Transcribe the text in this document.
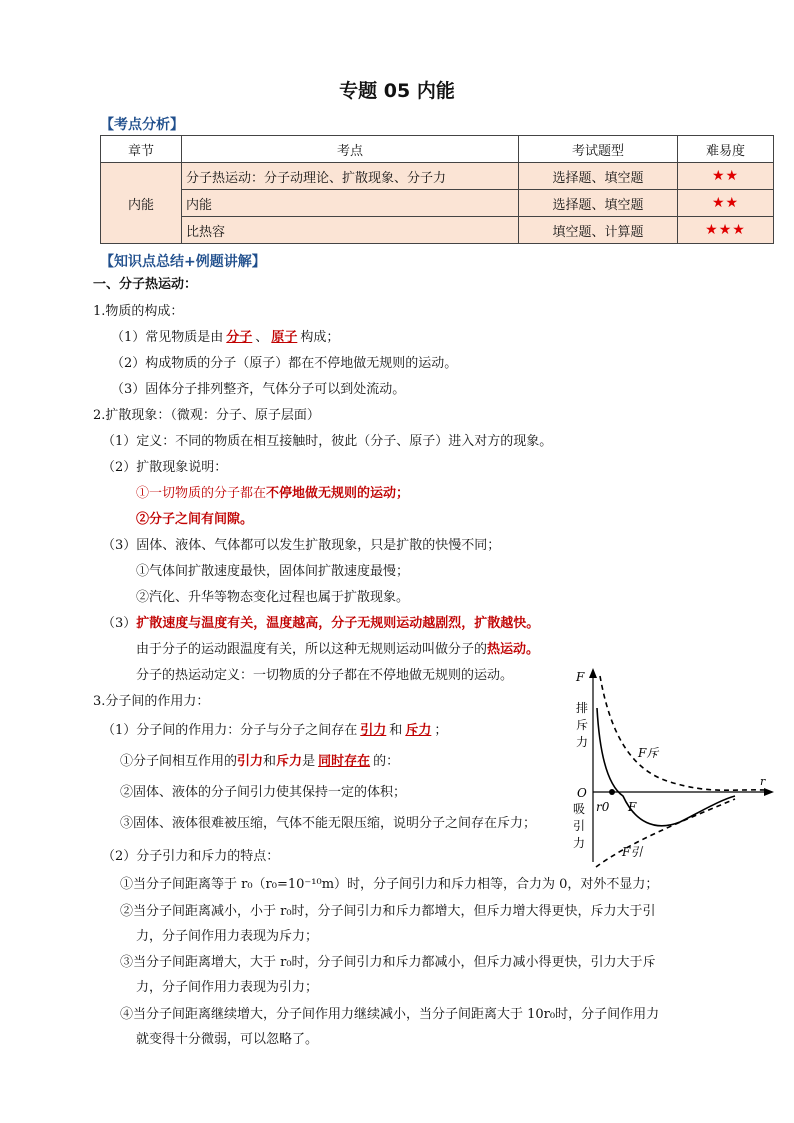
专题 05 内能
【考点分析】
章节	考点	考试题型	难易度
内能	分子热运动：分子动理论、扩散现象、分子力	选择题、填空题	★★
	内能	选择题、填空题	★★
	比热容	填空题、计算题	★★★
【知识点总结+例题讲解】
一、分子热运动：
1.物质的构成：
（1）常见物质是由 分子 、 原子 构成；
（2）构成物质的分子（原子）都在不停地做无规则的运动。
（3）固体分子排列整齐，气体分子可以到处流动。
2.扩散现象：（微观：分子、原子层面）
（1）定义：不同的物质在相互接触时，彼此（分子、原子）进入对方的现象。
（2）扩散现象说明：
①一切物质的分子都在不停地做无规则的运动；
②分子之间有间隙。
（3）固体、液体、气体都可以发生扩散现象，只是扩散的快慢不同；
①气体间扩散速度最快，固体间扩散速度最慢；
②汽化、升华等物态变化过程也属于扩散现象。
（3）扩散速度与温度有关，温度越高，分子无规则运动越剧烈，扩散越快。
由于分子的运动跟温度有关，所以这种无规则运动叫做分子的热运动。
分子的热运动定义：一切物质的分子都在不停地做无规则的运动。
3.分子间的作用力：
（1）分子间的作用力：分子与分子之间存在 引力 和 斥力 ；
①分子间相互作用的引力和斥力是 同时存在 的：
②固体、液体的分子间引力使其保持一定的体积；
③固体、液体很难被压缩，气体不能无限压缩，说明分子之间存在斥力；
（2）分子引力和斥力的特点：
①当分子间距离等于 r₀（r₀=10⁻¹⁰m）时，分子间引力和斥力相等，合力为 0，对外不显力；
②当分子间距离减小，小于 r₀时，分子间引力和斥力都增大，但斥力增大得更快，斥力大于引
力，分子间作用力表现为斥力；
③当分子间距离增大，大于 r₀时，分子间引力和斥力都减小，但斥力减小得更快，引力大于斥
力，分子间作用力表现为引力；
④当分子间距离继续增大，分子间作用力继续减小，当分子间距离大于 10r₀时，分子间作用力
就变得十分微弱，可以忽略了。
F
r
O
排
斥
力
吸
引
力
r0 F
F斥
F引
